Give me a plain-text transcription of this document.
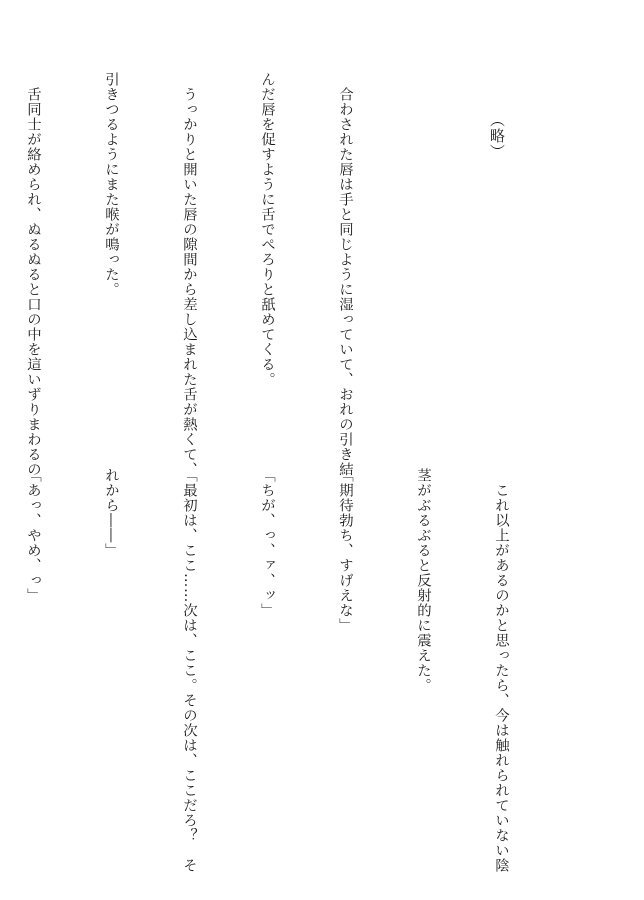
（略）

　合わされた唇は手と同じように湿っていて、おれの引き結

んだ唇を促すように舌でぺろりと舐めてくる。

　うっかりと開いた唇の隙間から差し込まれた舌が熱くて、

引きつるようにまた喉が鳴った。

　舌同士が絡められ、ぬるぬると口の中を這いずりまわるの

　これ以上があるのかと思ったら、今は触れられていない陰

茎がぶるぶると反射的に震えた。

「期待勃ち、すげえな」

「ちが、っ、ァ、ッ」

「最初は、ここ……次は、ここ。その次は、ここだろ？　そ

れから――」

「あっ、やめ、っ」
